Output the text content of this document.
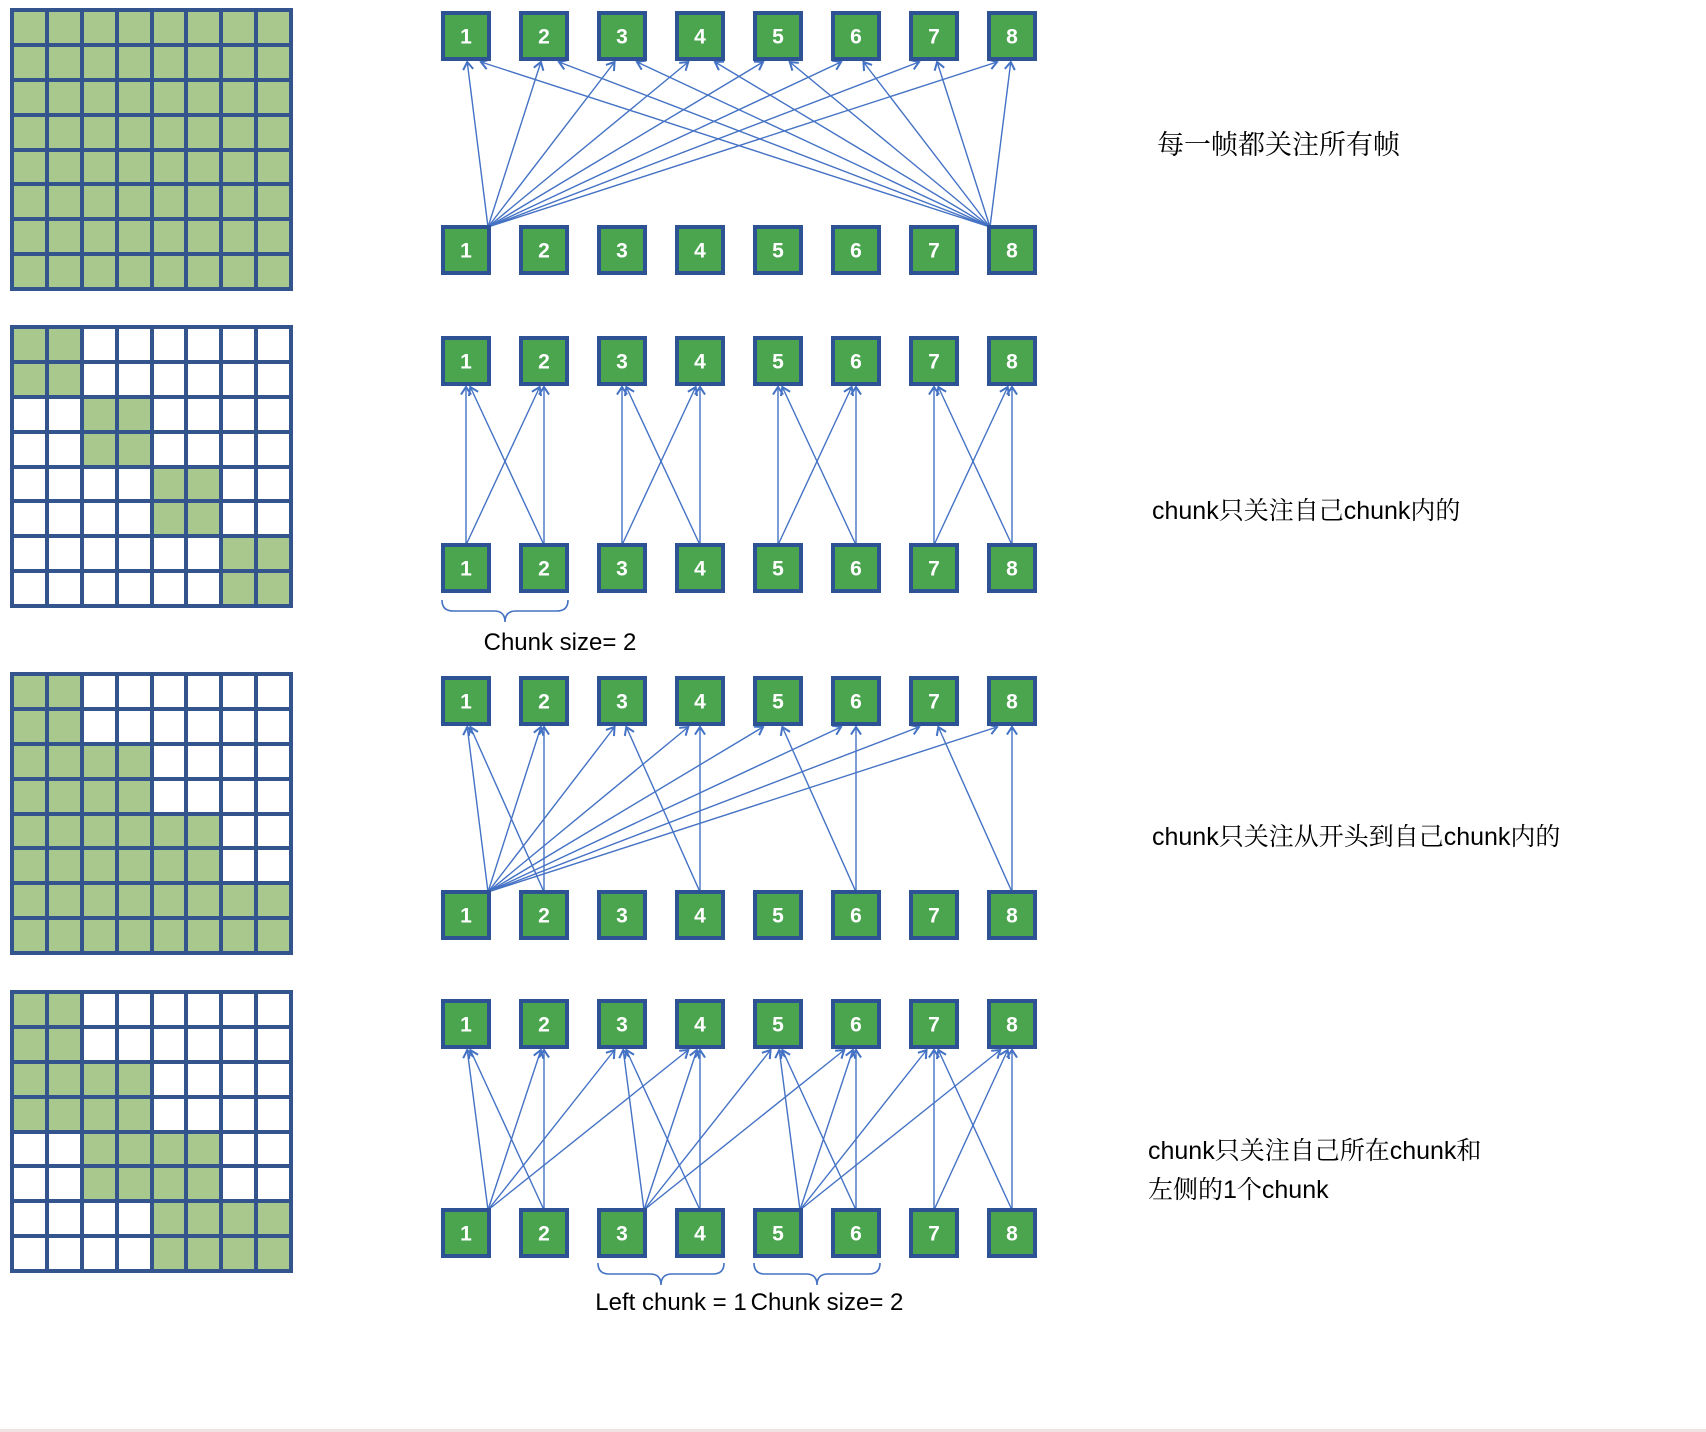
1	2	3	4	5	6	7	8
1	2	3	4	5	6	7	8
1	2	3	4	5	6	7	8
1	2	3	4	5	6	7	8
Chunk size= 2
1	2	3	4	5	6	7	8
1	2	3	4	5	6	7	8
1	2	3	4	5	6	7	8
1	2	3	4	5	6	7	8
Left chunk = 1 Chunk size= 2
每一帧都关注所有帧
chunk只关注自己chunk内的
chunk只关注从开头到自己chunk内的
chunk只关注自己所在chunk和
左侧的1个chunk
